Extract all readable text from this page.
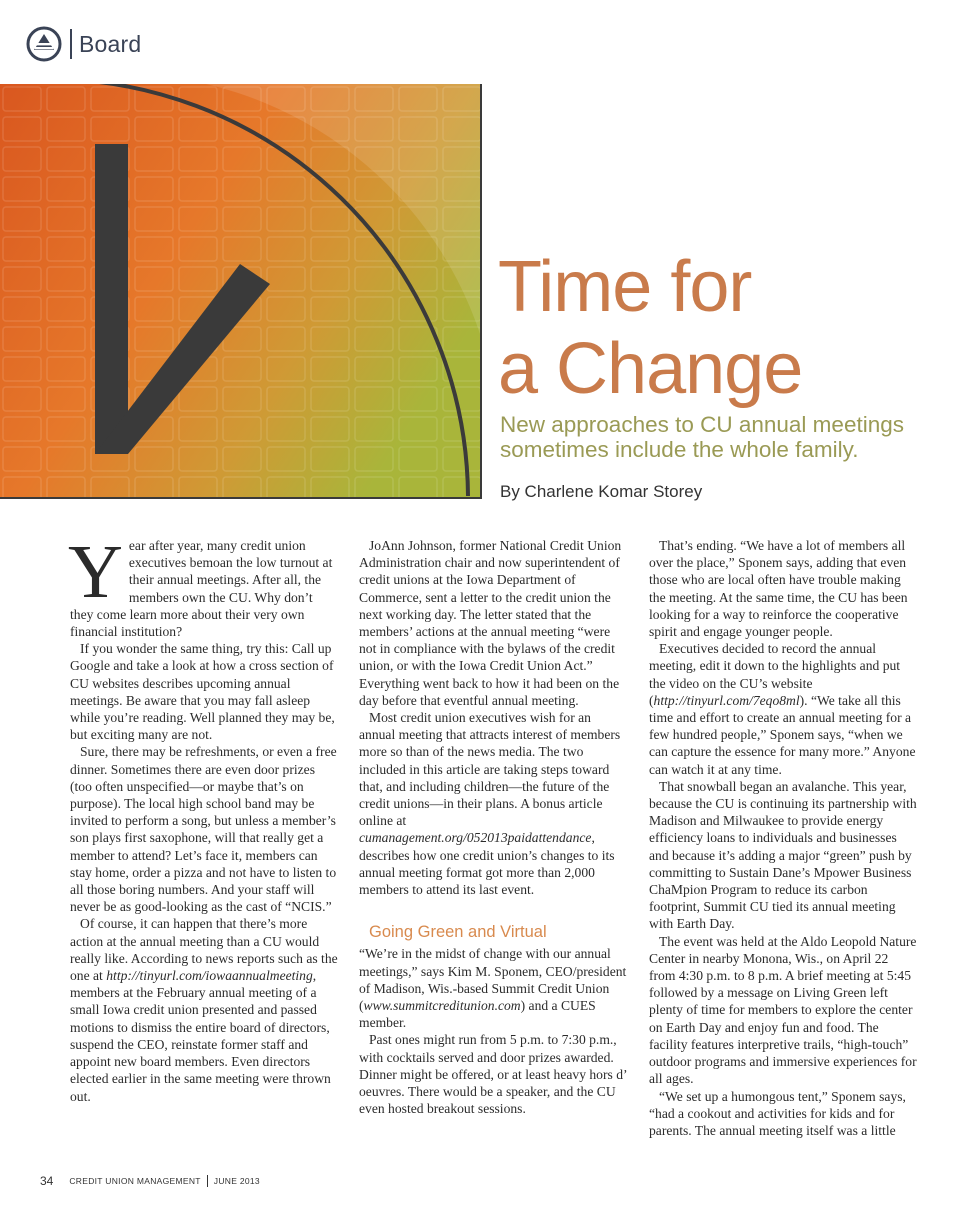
Board
Time for
a Change
New approaches to CU annual meetings
sometimes include the whole family.
By Charlene Komar Storey

Year after year, many credit union executives bemoan the low turnout at their annual meetings. After all, the members own the CU. Why don’t they come learn more about their very own financial institution?

If you wonder the same thing, try this: Call up Google and take a look at how a cross section of CU websites describes upcoming annual meetings. Be aware that you may fall asleep while you’re reading. Well planned they may be, but exciting many are not.

Sure, there may be refreshments, or even a free dinner. Sometimes there are even door prizes (too often unspecified—or maybe that’s on purpose). The local high school band may be invited to perform a song, but unless a member’s son plays first saxophone, will that really get a member to attend? Let’s face it, members can stay home, order a pizza and not have to listen to all those boring numbers. And your staff will never be as good-looking as the cast of “NCIS.”

Of course, it can happen that there’s more action at the annual meeting than a CU would really like. According to news reports such as the one at http://tinyurl.com/iowaannualmeeting, members at the February annual meeting of a small Iowa credit union presented and passed motions to dismiss the entire board of directors, suspend the CEO, reinstate former staff and appoint new board members. Even directors elected earlier in the same meeting were thrown out.

JoAnn Johnson, former National Credit Union Administration chair and now superintendent of credit unions at the Iowa Department of Commerce, sent a letter to the credit union the next working day. The letter stated that the members’ actions at the annual meeting “were not in compliance with the bylaws of the credit union, or with the Iowa Credit Union Act.” Everything went back to how it had been on the day before that eventful annual meeting.

Most credit union executives wish for an annual meeting that attracts interest of members more so than of the news media. The two included in this article are taking steps toward that, and including children—the future of the credit unions—in their plans. A bonus article online at cumanagement.org/052013paidattendance, describes how one credit union’s changes to its annual meeting format got more than 2,000 members to attend its last event.

Going Green and Virtual

“We’re in the midst of change with our annual meetings,” says Kim M. Sponem, CEO/president of Madison, Wis.-based Summit Credit Union (www.summitcreditunion.com) and a CUES member.

Past ones might run from 5 p.m. to 7:30 p.m., with cocktails served and door prizes awarded. Dinner might be offered, or at least heavy hors d’ oeuvres. There would be a speaker, and the CU even hosted breakout sessions.

That’s ending. “We have a lot of members all over the place,” Sponem says, adding that even those who are local often have trouble making the meeting. At the same time, the CU has been looking for a way to reinforce the cooperative spirit and engage younger people.

Executives decided to record the annual meeting, edit it down to the highlights and put the video on the CU’s website (http://tinyurl.com/7eqo8ml). “We take all this time and effort to create an annual meeting for a few hundred people,” Sponem says, “when we can capture the essence for many more.” Anyone can watch it at any time.

That snowball began an avalanche. This year, because the CU is continuing its partnership with Madison and Milwaukee to provide energy efficiency loans to individuals and businesses and because it’s adding a major “green” push by committing to Sustain Dane’s Mpower Business ChaMpion Program to reduce its carbon footprint, Summit CU tied its annual meeting with Earth Day.

The event was held at the Aldo Leopold Nature Center in nearby Monona, Wis., on April 22 from 4:30 p.m. to 8 p.m. A brief meeting at 5:45 followed by a message on Living Green left plenty of time for members to explore the center on Earth Day and enjoy fun and food. The facility features interpretive trails, “high-touch” outdoor programs and immersive experiences for all ages.

“We set up a humongous tent,” Sponem says, “had a cookout and activities for kids and for parents. The annual meeting itself was a little

34 CREDIT UNION MANAGEMENT JUNE 2013
